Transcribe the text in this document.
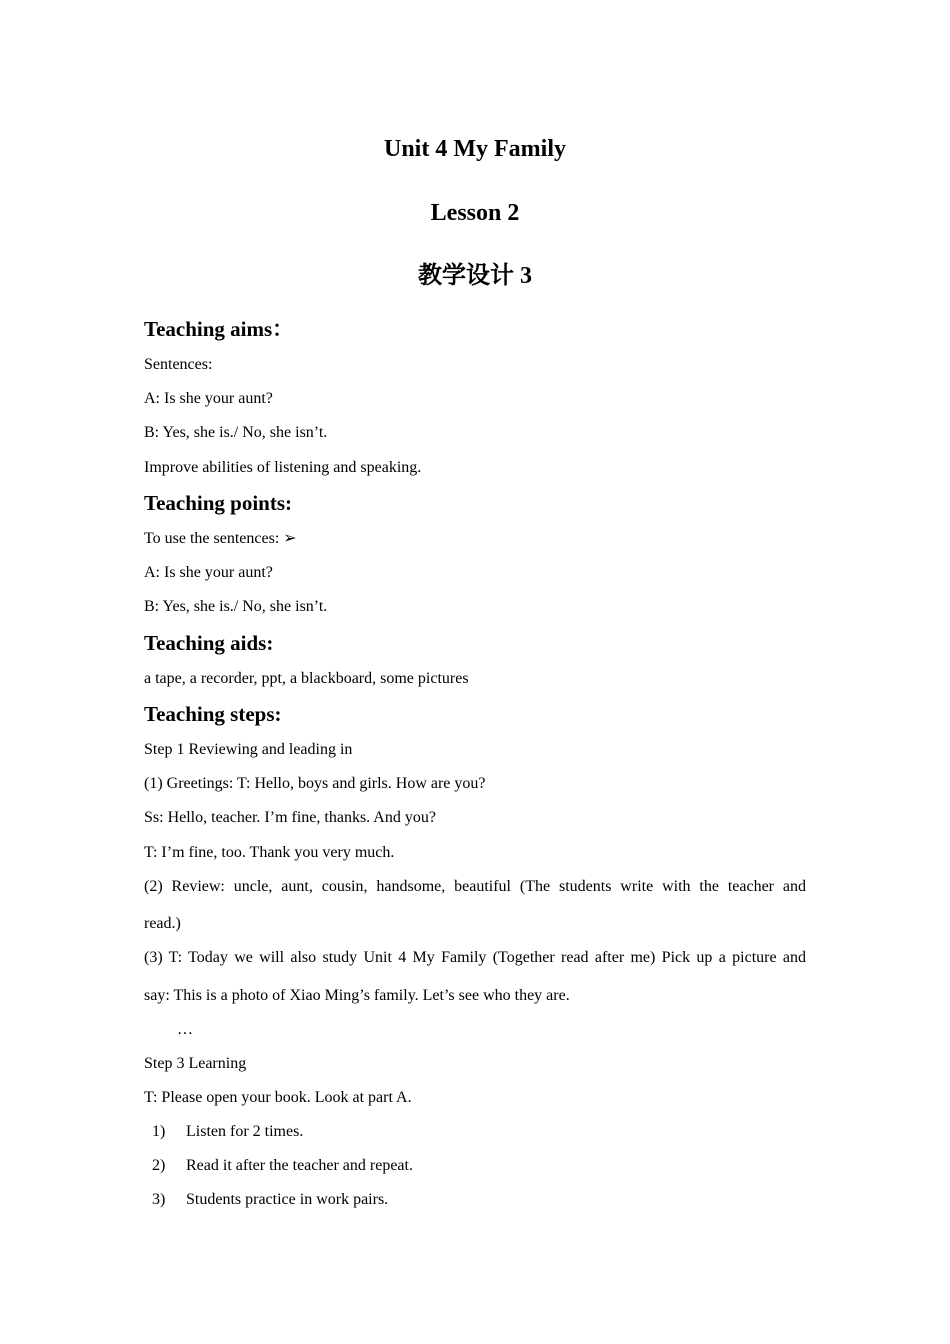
Unit 4 My Family
Lesson 2
教学设计 3
Teaching aims：
Sentences:
A: Is she your aunt?
B: Yes, she is./ No, she isn’t.
Improve abilities of listening and speaking.
Teaching points:
To use the sentences: ➢
A: Is she your aunt?
B: Yes, she is./ No, she isn’t.
Teaching aids:
a tape, a recorder, ppt, a blackboard, some pictures
Teaching steps:
Step 1 Reviewing and leading in
(1) Greetings: T: Hello, boys and girls. How are you?
Ss: Hello, teacher. I’m fine, thanks. And you?
T: I’m fine, too. Thank you very much.
(2) Review: uncle, aunt, cousin, handsome, beautiful (The students write with the teacher and
read.)
(3) T: Today we will also study Unit 4 My Family (Together read after me) Pick up a picture and
say: This is a photo of Xiao Ming’s family. Let’s see who they are.
…
Step 3 Learning
T: Please open your book. Look at part A.
1) Listen for 2 times.
2) Read it after the teacher and repeat.
3) Students practice in work pairs.
